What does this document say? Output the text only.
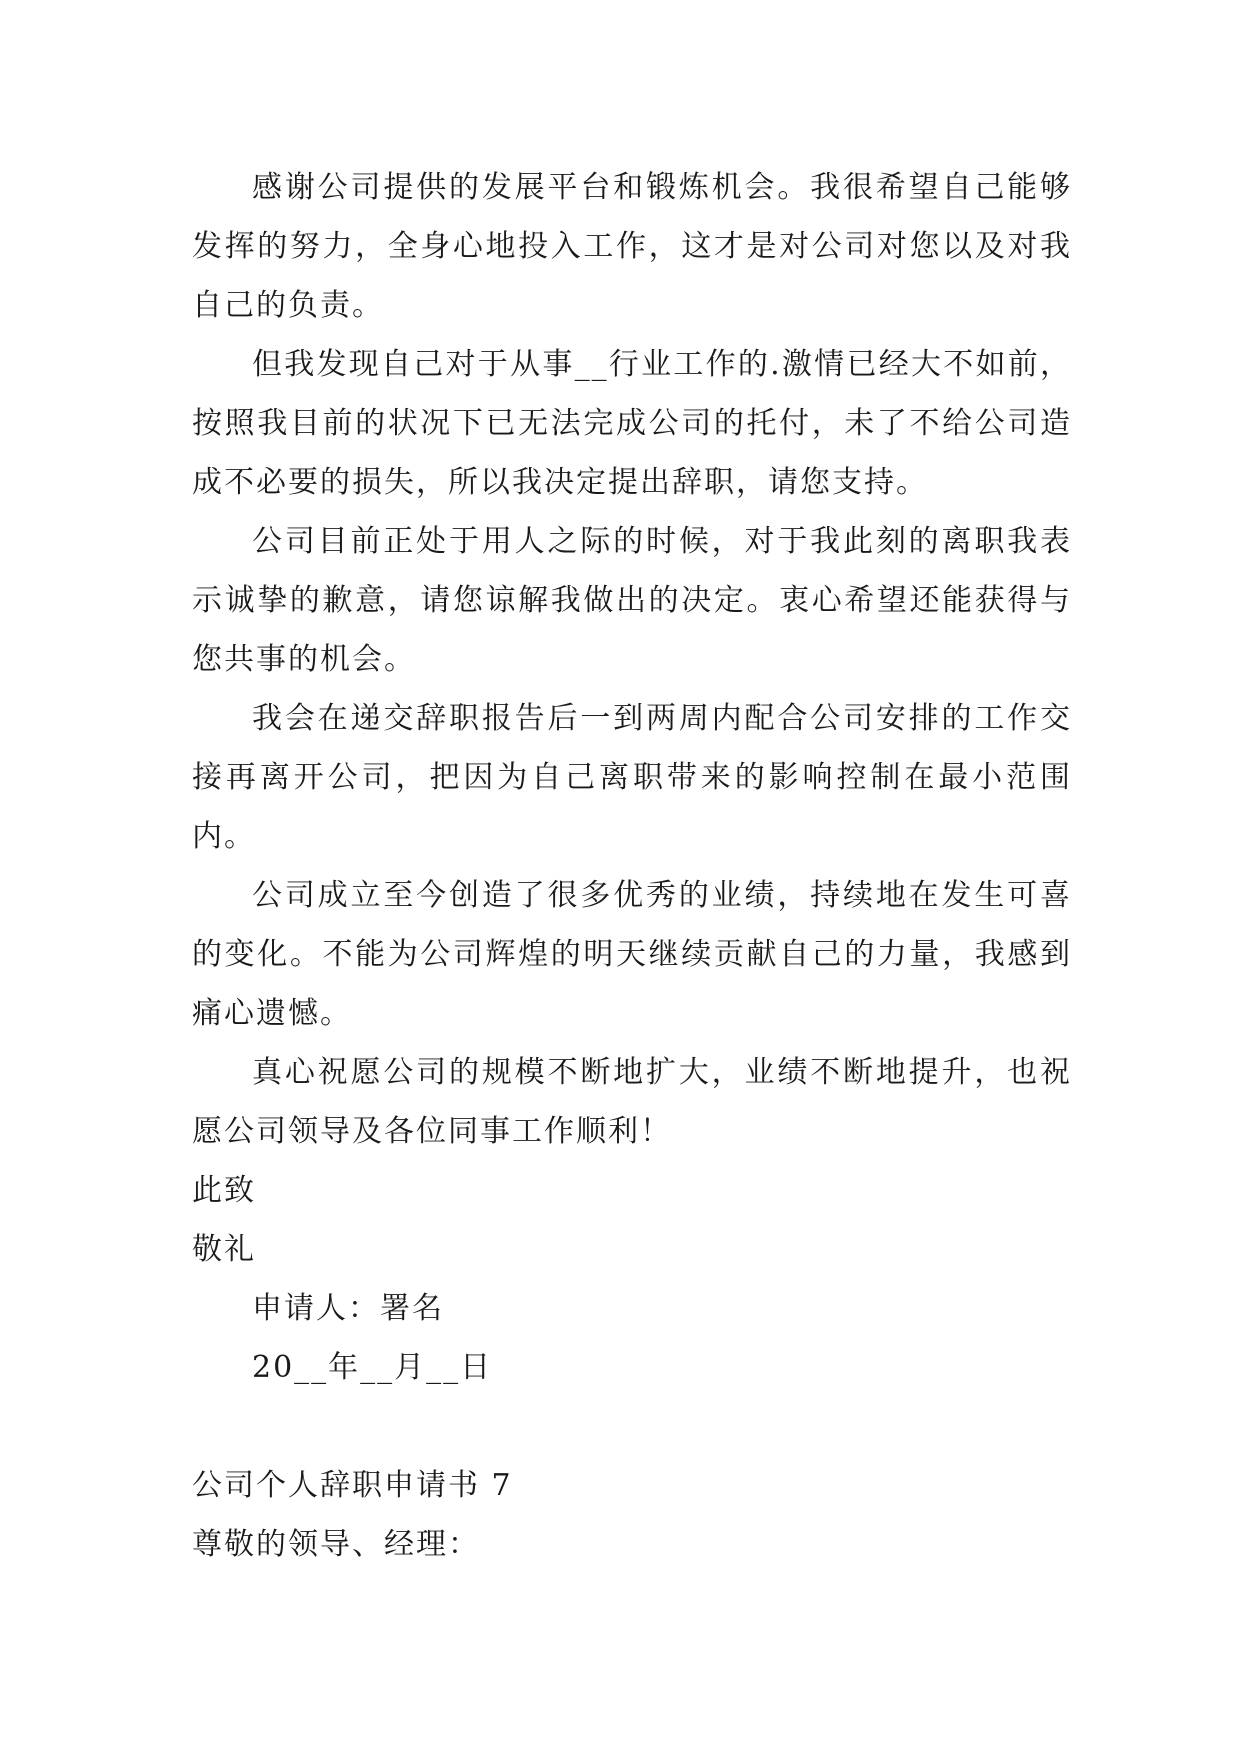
感谢公司提供的发展平台和锻炼机会。我很希望自己能够发挥的努力，全身心地投入工作，这才是对公司对您以及对我自己的负责。

但我发现自己对于从事__行业工作的.激情已经大不如前，按照我目前的状况下已无法完成公司的托付，未了不给公司造成不必要的损失，所以我决定提出辞职，请您支持。

公司目前正处于用人之际的时候，对于我此刻的离职我表示诚挚的歉意，请您谅解我做出的决定。衷心希望还能获得与您共事的机会。

我会在递交辞职报告后一到两周内配合公司安排的工作交接再离开公司，把因为自己离职带来的影响控制在最小范围内。

公司成立至今创造了很多优秀的业绩，持续地在发生可喜的变化。不能为公司辉煌的明天继续贡献自己的力量，我感到痛心遗憾。

真心祝愿公司的规模不断地扩大，业绩不断地提升，也祝愿公司领导及各位同事工作顺利！

此致

敬礼

申请人：署名

20__年__月__日

公司个人辞职申请书 7

尊敬的领导、经理：
